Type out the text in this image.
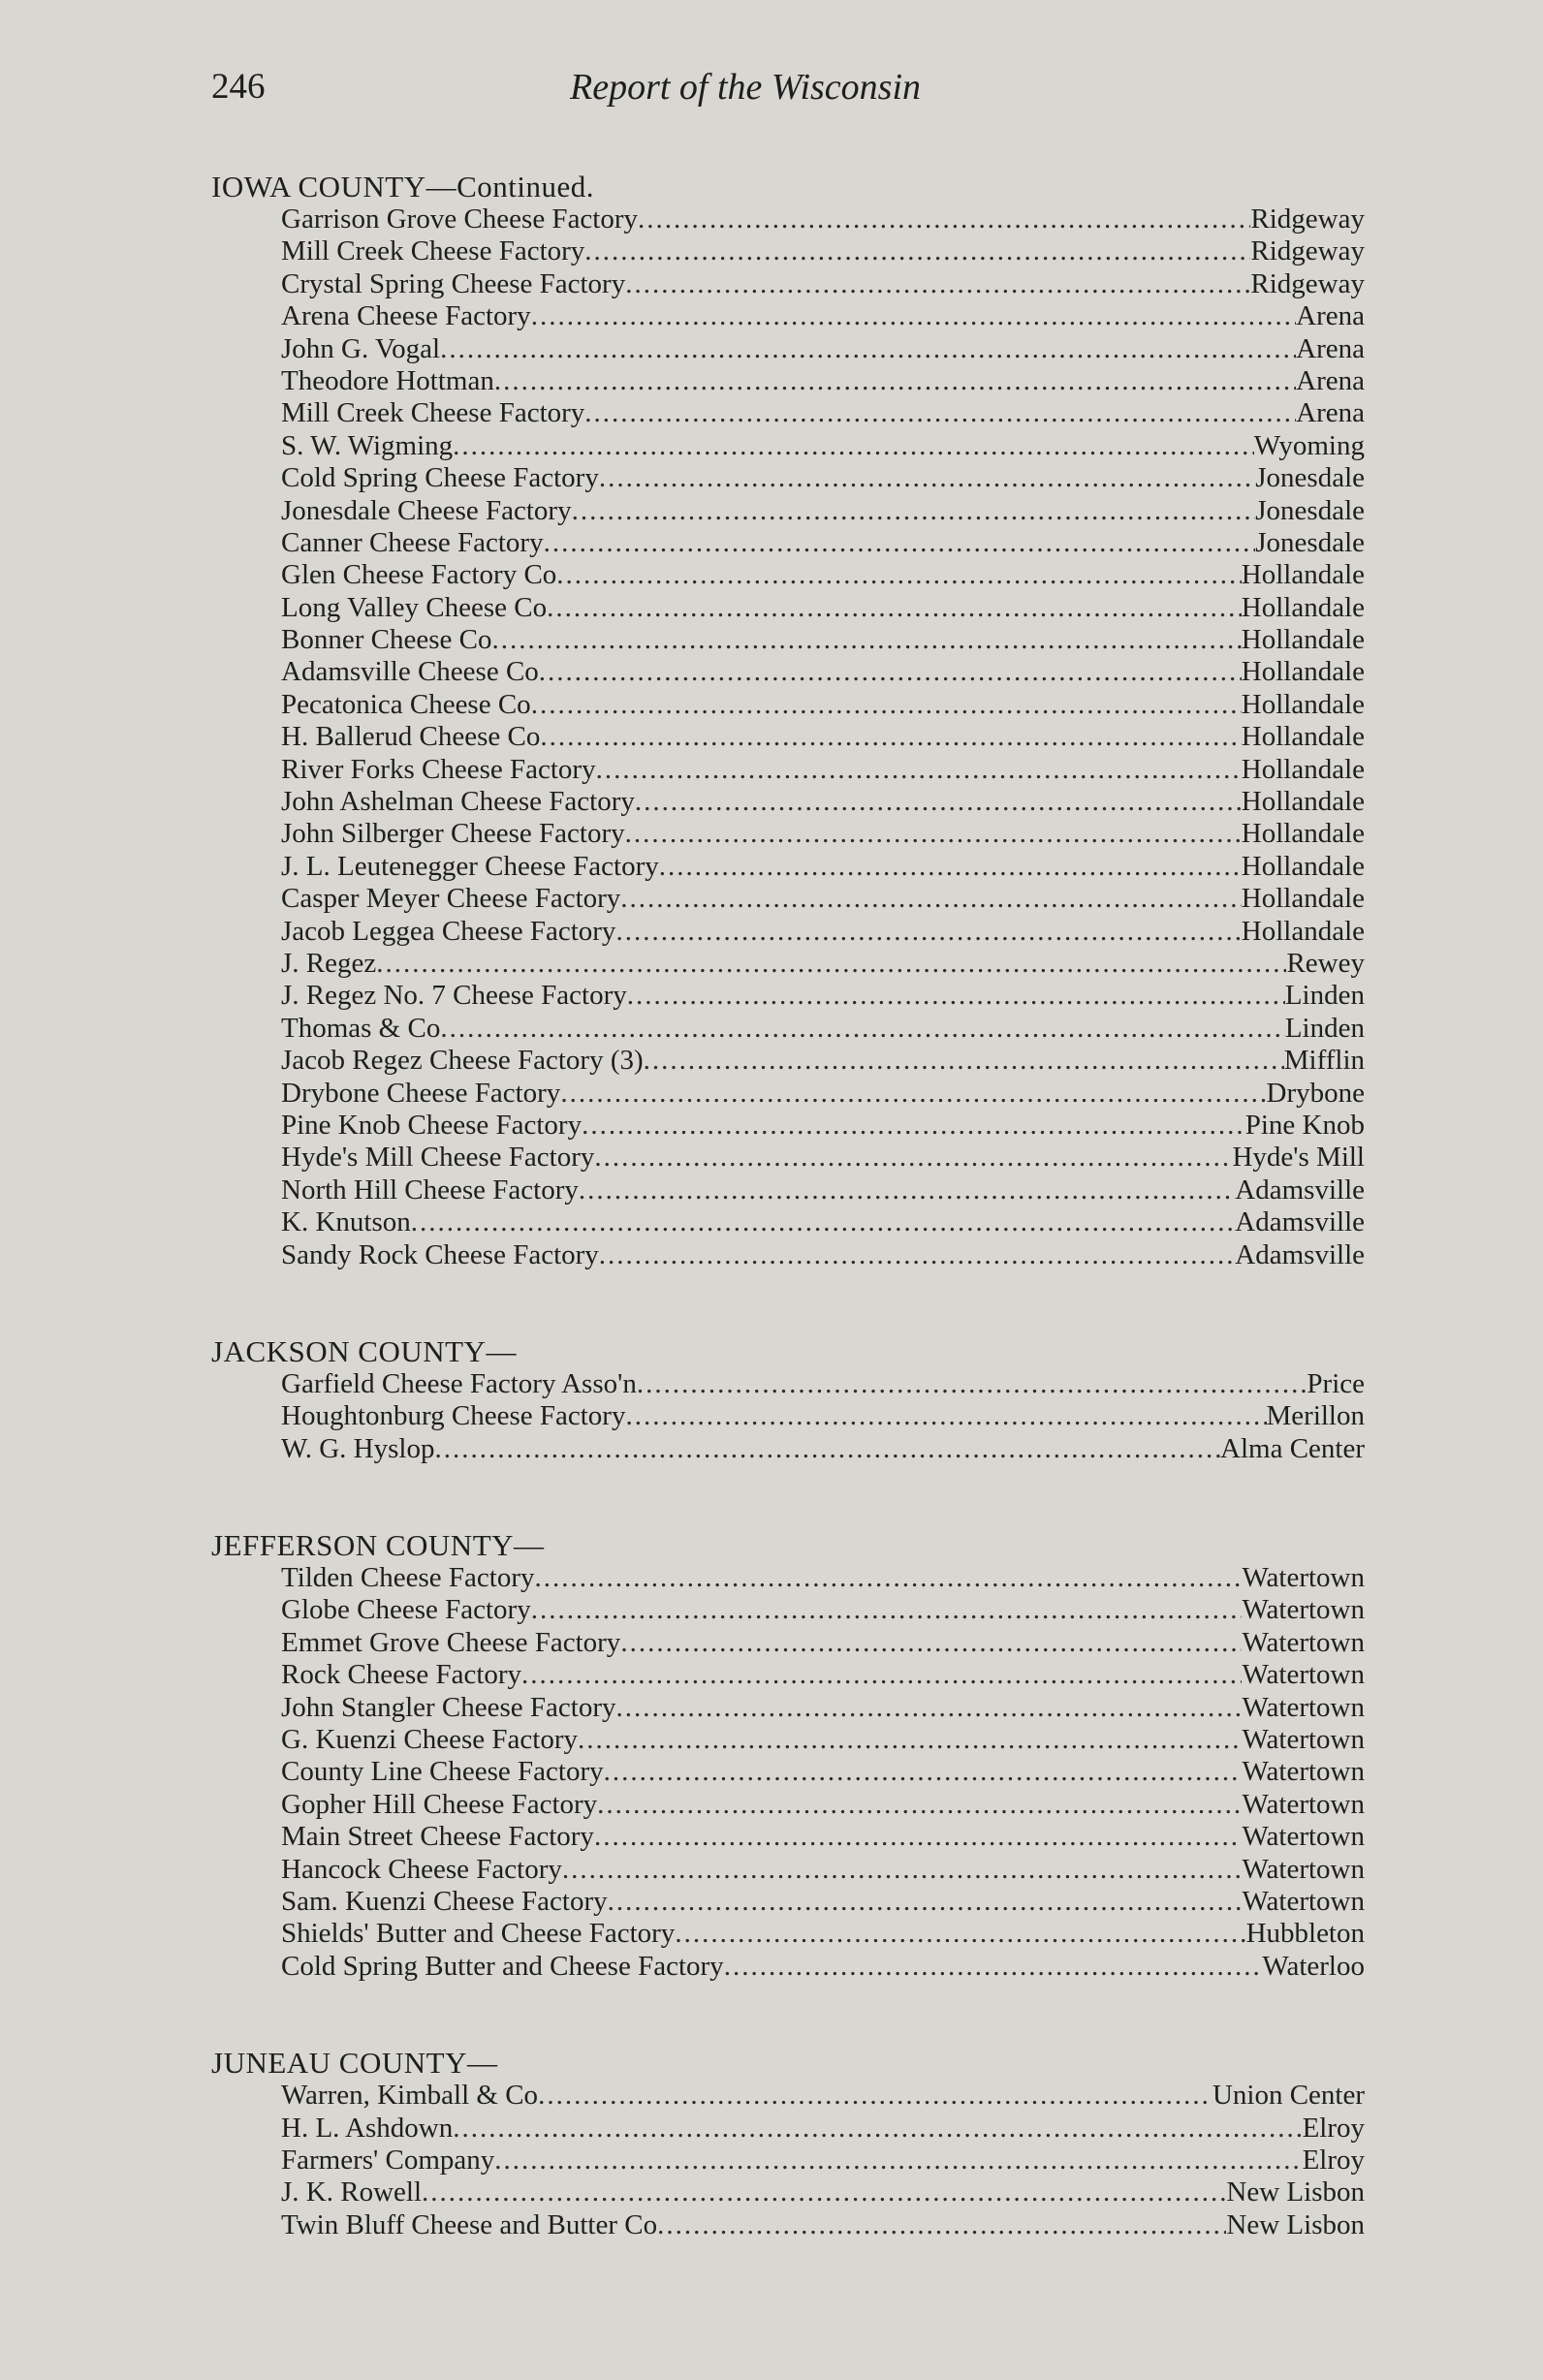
246	Report of the Wisconsin
IOWA COUNTY—Continued.
Garrison Grove Cheese Factory .....	Ridgeway
Mill Creek Cheese Factory .....	Ridgeway
Crystal Spring Cheese Factory .....	Ridgeway
Arena Cheese Factory .....	Arena
John G. Vogal .....	Arena
Theodore Hottman .....	Arena
Mill Creek Cheese Factory .....	Arena
S. W. Wigming .....	Wyoming
Cold Spring Cheese Factory .....	Jonesdale
Jonesdale Cheese Factory .....	Jonesdale
Canner Cheese Factory .....	Jonesdale
Glen Cheese Factory Co .....	Hollandale
Long Valley Cheese Co .....	Hollandale
Bonner Cheese Co .....	Hollandale
Adamsville Cheese Co .....	Hollandale
Pecatonica Cheese Co .....	Hollandale
H. Ballerud Cheese Co .....	Hollandale
River Forks Cheese Factory .....	Hollandale
John Ashelman Cheese Factory .....	Hollandale
John Silberger Cheese Factory .....	Hollandale
J. L. Leutenegger Cheese Factory .....	Hollandale
Casper Meyer Cheese Factory .....	Hollandale
Jacob Leggea Cheese Factory .....	Hollandale
J. Regez .....	Rewey
J. Regez No. 7 Cheese Factory .....	Linden
Thomas & Co .....	Linden
Jacob Regez Cheese Factory (3) .....	Mifflin
Drybone Cheese Factory .....	Drybone
Pine Knob Cheese Factory .....	Pine Knob
Hyde's Mill Cheese Factory .....	Hyde's Mill
North Hill Cheese Factory .....	Adamsville
K. Knutson .....	Adamsville
Sandy Rock Cheese Factory .....	Adamsville
JACKSON COUNTY—
Garfield Cheese Factory Asso'n .....	Price
Houghtonburg Cheese Factory .....	Merillon
W. G. Hyslop .....	Alma Center
JEFFERSON COUNTY—
Tilden Cheese Factory .....	Watertown
Globe Cheese Factory .....	Watertown
Emmet Grove Cheese Factory .....	Watertown
Rock Cheese Factory .....	Watertown
John Stangler Cheese Factory .....	Watertown
G. Kuenzi Cheese Factory .....	Watertown
County Line Cheese Factory .....	Watertown
Gopher Hill Cheese Factory .....	Watertown
Main Street Cheese Factory .....	Watertown
Hancock Cheese Factory .....	Watertown
Sam. Kuenzi Cheese Factory .....	Watertown
Shields' Butter and Cheese Factory .....	Hubbleton
Cold Spring Butter and Cheese Factory .....	Waterloo
JUNEAU COUNTY—
Warren, Kimball & Co .....	Union Center
H. L. Ashdown .....	Elroy
Farmers' Company .....	Elroy
J. K. Rowell .....	New Lisbon
Twin Bluff Cheese and Butter Co .....	New Lisbon
